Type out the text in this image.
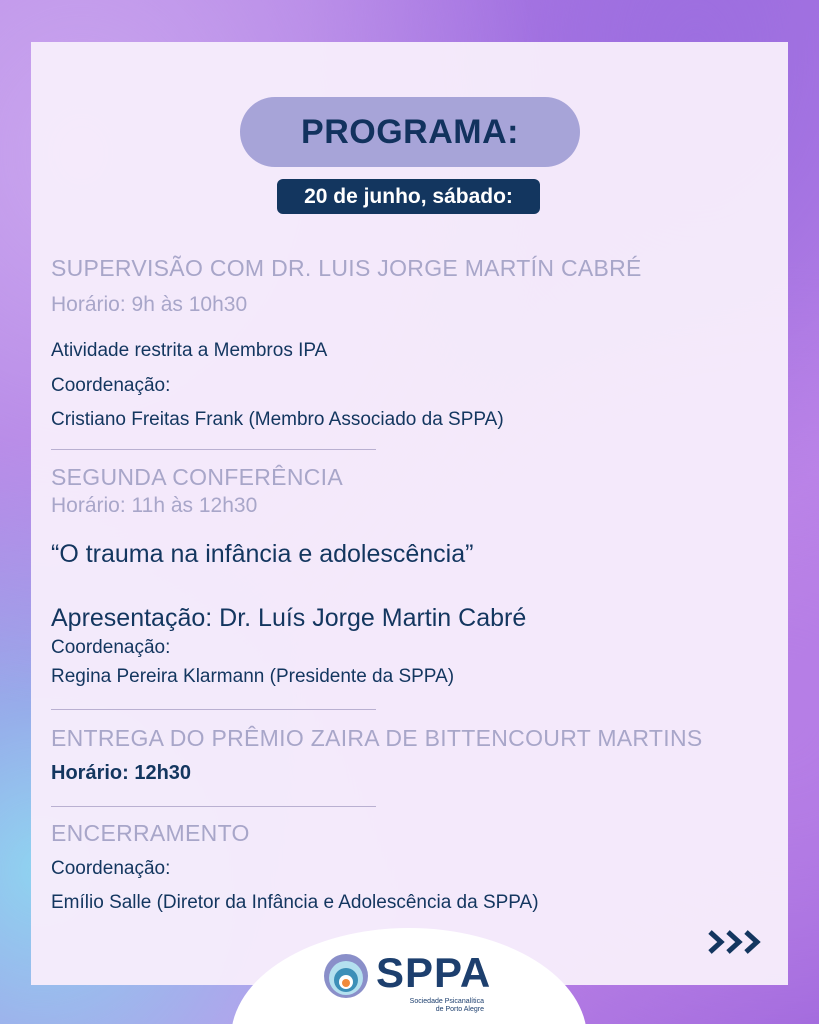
PROGRAMA:
20 de junho, sábado:
SUPERVISÃO COM DR. LUIS JORGE MARTÍN CABRÉ
Horário: 9h às 10h30
Atividade restrita a Membros IPA
Coordenação:
Cristiano Freitas Frank (Membro Associado da SPPA)
SEGUNDA CONFERÊNCIA
Horário: 11h às 12h30
“O trauma na infância e adolescência”
Apresentação: Dr. Luís Jorge Martin Cabré
Coordenação:
Regina Pereira Klarmann (Presidente da SPPA)
ENTREGA DO PRÊMIO ZAIRA DE BITTENCOURT MARTINS
Horário: 12h30
ENCERRAMENTO
Coordenação:
Emílio Salle (Diretor da Infância e Adolescência da SPPA)
SPPA
Sociedade Psicanalítica
de Porto Alegre
